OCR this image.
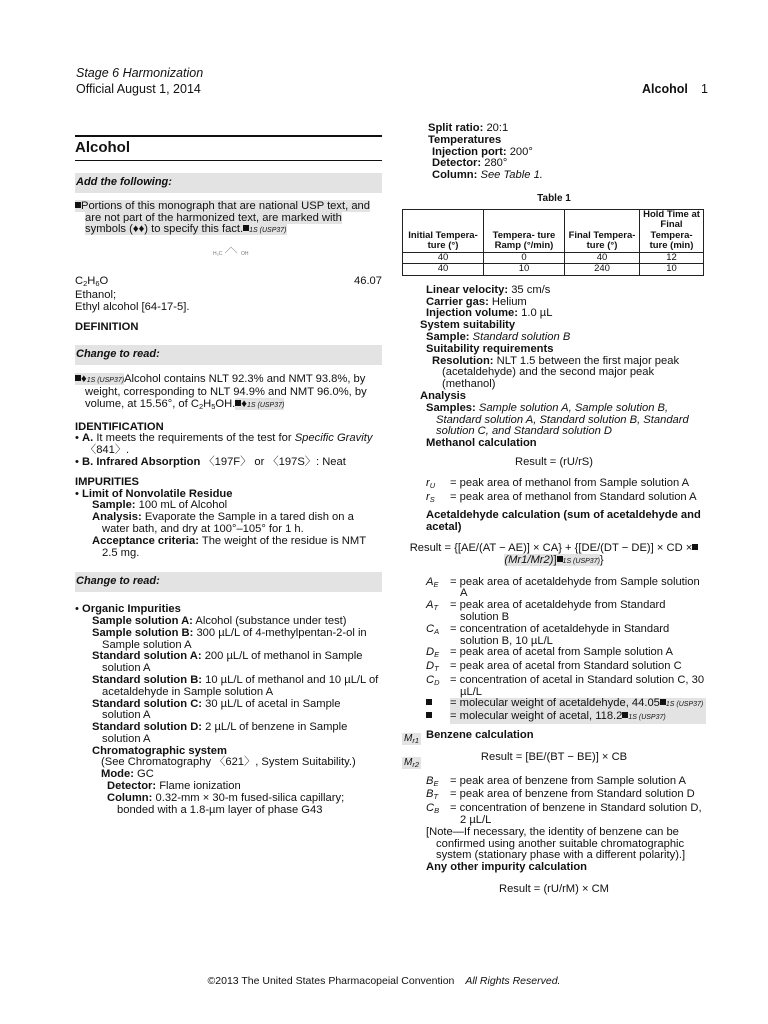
Stage 6 Harmonization
Official August 1, 2014	Alcohol 1
Alcohol
Add the following:

Portions of this monograph that are national USP text, and are not part of the harmonized text, are marked with symbols (♦♦) to specify this fact. 1S (USP37)

H₃C	OH
$C_2H_6O$	46.07

Ethanol;

Ethyl alcohol [64-17-5].

DEFINITION

Change to read:

♦1S (USP37)Alcohol contains NLT 92.3% and NMT 93.8%, by weight, corresponding to NLT 94.9% and NMT 96.0%, by volume, at 15.56°, of $C_2H_5OH$. ♦1S (USP37)

IDENTIFICATION

• A. It meets the requirements of the test for Specific Gravity 〈841〉.

• B. Infrared Absorption 〈197F〉 or 〈197S〉: Neat

IMPURITIES

• Limit of Nonvolatile Residue

Sample: 100 mL of Alcohol

Analysis: Evaporate the Sample in a tared dish on a water bath, and dry at 100°–105° for 1 h.

Acceptance criteria: The weight of the residue is NMT 2.5 mg.

Change to read:

• Organic Impurities

Sample solution A: Alcohol (substance under test)

Sample solution B: 300 µL/L of 4-methylpentan-2-ol in Sample solution A

Standard solution A: 200 µL/L of methanol in Sample solution A

Standard solution B: 10 µL/L of methanol and 10 µL/L of acetaldehyde in Sample solution A

Standard solution C: 30 µL/L of acetal in Sample solution A

Standard solution D: 2 µL/L of benzene in Sample solution A

Chromatographic system

(See Chromatography 〈621〉, System Suitability.)

Mode: GC

Detector: Flame ionization

Column: 0.32-mm × 30-m fused-silica capillary; bonded with a 1.8-µm layer of phase G43

Split ratio: 20:1

Temperatures

Injection port: 200°

Detector: 280°

Column: See Table 1.

Table 1

Initial Tempera- ture (°)	Tempera- ture Ramp (°/min)	Final Tempera- ture (°)	Hold Time at Final Tempera- ture (min)
40	0	40	12
40	10	240	10

Linear velocity: 35 cm/s

Carrier gas: Helium

Injection volume: 1.0 µL

System suitability

Sample: Standard solution B

Suitability requirements

Resolution: NLT 1.5 between the first major peak (acetaldehyde) and the second major peak (methanol)

Analysis

Samples: Sample solution A, Sample solution B, Standard solution A, Standard solution B, Standard solution C, and Standard solution D

Methanol calculation

Result = (rU/rS)

$r_U$	= peak area of methanol from Sample solution A
$r_S$	= peak area of methanol from Standard solution A

Acetaldehyde calculation (sum of acetaldehyde and acetal)

Result = {[AE/(AT − AE)] × CA} + {[DE/(DT − DE)] × CD ×

(Mr1/Mr2)] 1S (USP37)}

$A_E$	= peak area of acetaldehyde from Sample solution A
$A_T$	= peak area of acetaldehyde from Standard solution B
$C_A$ = concentration of acetaldehyde in Standard solution B, 10 µL/L
$D_E$ = peak area of acetal from Sample solution A
$D_T$	= peak area of acetal from Standard solution C
$C_D$ = concentration of acetal in Standard solution C, 30 µL/L
= molecular weight of acetaldehyde, 44.05 1S (USP37)
= molecular weight of acetal, 118.2 1S (USP37)

Benzene calculation

Result = [BE/(BT − BE)] × CB

$B_E$	= peak area of benzene from Sample solution A
$B_T$	= peak area of benzene from Standard solution D
$C_B$ = concentration of benzene in Standard solution D, 2 µL/L

[Note—If necessary, the identity of benzene can be confirmed using another suitable chromatographic system (stationary phase with a different polarity).]

Any other impurity calculation

Result = (rU/rM) × CM

$M_{r1}$
$M_{r2}$
©2013 The United States Pharmacopeial Convention All Rights Reserved.
